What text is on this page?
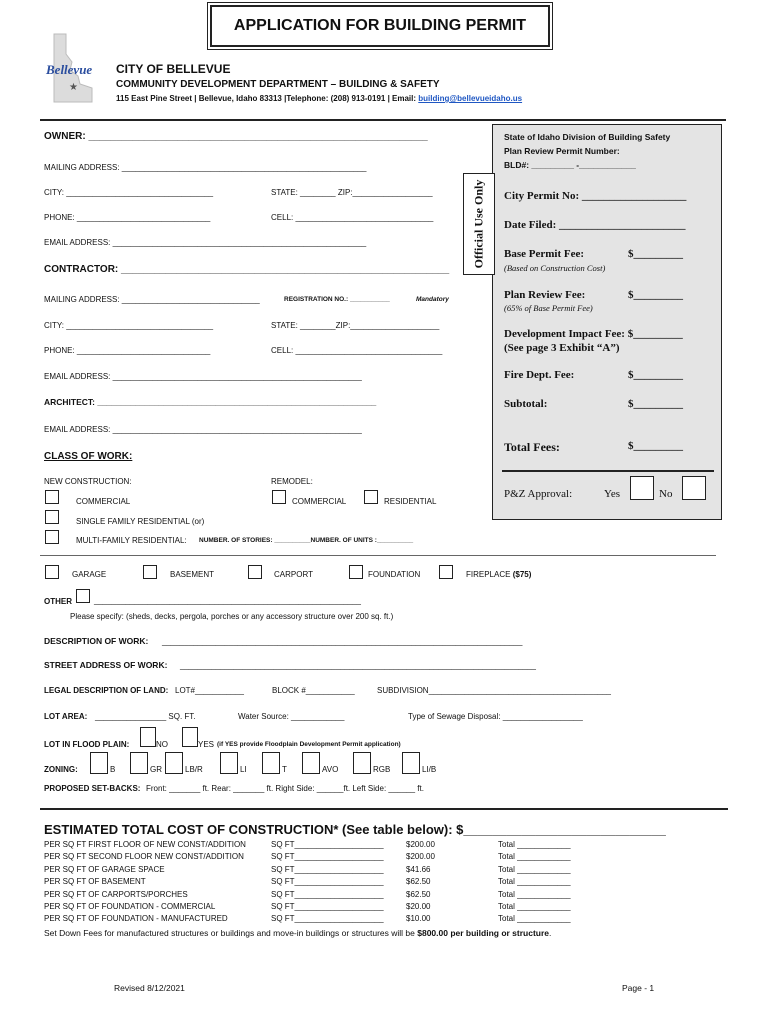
APPLICATION FOR BUILDING PERMIT
Bellevue
★
CITY OF BELLEVUE
COMMUNITY DEVELOPMENT DEPARTMENT – BUILDING & SAFETY
115 East Pine Street | Bellevue, Idaho 83313 |Telephone: (208) 913-0191 | Email: building@bellevueidaho.us
OWNER: _____________________________________________________________
MAILING ADDRESS: _______________________________________________________
CITY: _________________________________	STATE: ________ ZIP:__________________
PHONE: ______________________________	CELL: _______________________________
EMAIL ADDRESS: _________________________________________________________
CONTRACTOR: ___________________________________________________________
MAILING ADDRESS: _______________________________	REGISTRATION NO.: ___________	Mandatory
CITY: _________________________________	STATE: ________ZIP:____________________
PHONE: ______________________________	CELL: _________________________________
EMAIL ADDRESS: ________________________________________________________
ARCHITECT: ___________________________________________________________
EMAIL ADDRESS: ________________________________________________________
Official Use Only
State of Idaho Division of Building Safety
Plan Review Permit Number:
BLD#: _________ -____________
City Permit No: ___________________
Date Filed: _______________________
Base Permit Fee:	$_________
(Based on Construction Cost)
Plan Review Fee:	$_________
(65% of Base Permit Fee)
Development Impact Fee: $_________
(See page 3 Exhibit “A”)
Fire Dept. Fee:	$_________
Subtotal:	$_________
Total Fees:	$_________
P&Z Approval:	Yes	No
CLASS OF WORK:
NEW CONSTRUCTION:	REMODEL:
COMMERCIAL	COMMERCIAL	RESIDENTIAL
SINGLE FAMILY RESIDENTIAL (or)
MULTI-FAMILY RESIDENTIAL: NUMBER. OF STORIES: __________NUMBER. OF UNITS :__________
GARAGE	BASEMENT	CARPORT	FOUNDATION	FIREPLACE ($75)
OTHER	____________________________________________________________
Please specify: (sheds, decks, pergola, porches or any accessory structure over 200 sq. ft.)
DESCRIPTION OF WORK: _________________________________________________________________________________
STREET ADDRESS OF WORK: ________________________________________________________________________________
LEGAL DESCRIPTION OF LAND: LOT#___________	BLOCK #___________	SUBDIVISION_________________________________________
LOT AREA: ________________ SQ. FT.	Water Source: ____________	Type of Sewage Disposal: __________________
LOT IN FLOOD PLAIN:	NO	YES (if YES provide Floodplain Development Permit application)
ZONING:	B	GR	LB/R	LI	T	AVO	RGB	LI/B
PROPOSED SET-BACKS: Front: _______ ft. Rear: _______ ft. Right Side: ______ft. Left Side: ______ ft.
ESTIMATED TOTAL COST OF CONSTRUCTION* (See table below): $____________________________
PER SQ FT FIRST FLOOR OF NEW CONST/ADDITION	SQ FT____________________	$200.00	Total ____________
PER SQ FT SECOND FLOOR NEW CONST/ADDITION	SQ FT____________________	$200.00	Total ____________
PER SQ FT OF GARAGE SPACE	SQ FT____________________	$41.66	Total ____________
PER SQ FT OF BASEMENT	SQ FT____________________	$62.50	Total ____________
PER SQ FT OF CARPORTS/PORCHES	SQ FT____________________	$62.50	Total ____________
PER SQ FT OF FOUNDATION - COMMERCIAL	SQ FT____________________	$20.00	Total ____________
PER SQ FT OF FOUNDATION - MANUFACTURED	SQ FT____________________	$10.00	Total ____________
Set Down Fees for manufactured structures or buildings and move-in buildings or structures will be $800.00 per building or structure.
Revised 8/12/2021	Page - 1
